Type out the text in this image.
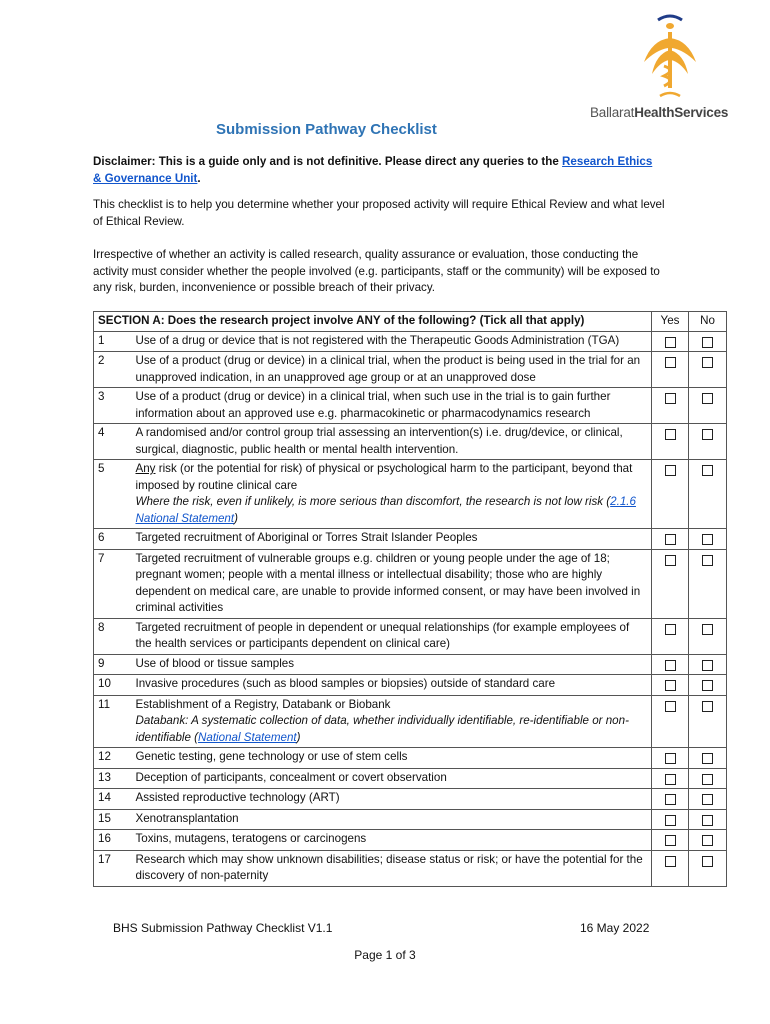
BallaratHealthServices
Submission Pathway Checklist
Disclaimer: This is a guide only and is not definitive. Please direct any queries to the Research Ethics & Governance Unit.
This checklist is to help you determine whether your proposed activity will require Ethical Review and what level of Ethical Review.
Irrespective of whether an activity is called research, quality assurance or evaluation, those conducting the activity must consider whether the people involved (e.g. participants, staff or the community) will be exposed to any risk, burden, inconvenience or possible breach of their privacy.
SECTION A: Does the research project involve ANY of the following? (Tick all that apply)		Yes	No
1	Use of a drug or device that is not registered with the Therapeutic Goods Administration (TGA)		
2	Use of a product (drug or device) in a clinical trial, when the product is being used in the trial for an unapproved indication, in an unapproved age group or at an unapproved dose		
3	Use of a product (drug or device) in a clinical trial, when such use in the trial is to gain further information about an approved use e.g. pharmacokinetic or pharmacodynamics research		
4	A randomised and/or control group trial assessing an intervention(s) i.e. drug/device, or clinical, surgical, diagnostic, public health or mental health intervention.		
5	Any risk (or the potential for risk) of physical or psychological harm to the participant, beyond that imposed by routine clinical care
Where the risk, even if unlikely, is more serious than discomfort, the research is not low risk (2.1.6 National Statement)		

6	Targeted recruitment of Aboriginal or Torres Strait Islander Peoples		
7	Targeted recruitment of vulnerable groups e.g. children or young people under the age of 18; pregnant women; people with a mental illness or intellectual disability; those who are highly dependent on medical care, are unable to provide informed consent, or may have been involved in criminal activities		
8	Targeted recruitment of people in dependent or unequal relationships (for example employees of the health services or participants dependent on clinical care)		
9	Use of blood or tissue samples		
10	Invasive procedures (such as blood samples or biopsies) outside of standard care		
11	Establishment of a Registry, Databank or Biobank
Databank: A systematic collection of data, whether individually identifiable, re-identifiable or non-identifiable (National Statement)		

12	Genetic testing, gene technology or use of stem cells		
13	Deception of participants, concealment or covert observation		
14	Assisted reproductive technology (ART)		
15	Xenotransplantation		
16	Toxins, mutagens, teratogens or carcinogens		
17	Research which may show unknown disabilities; disease status or risk; or have the potential for the discovery of non-paternity		
BHS Submission Pathway Checklist V1.1	16 May 2022
Page 1 of 3
